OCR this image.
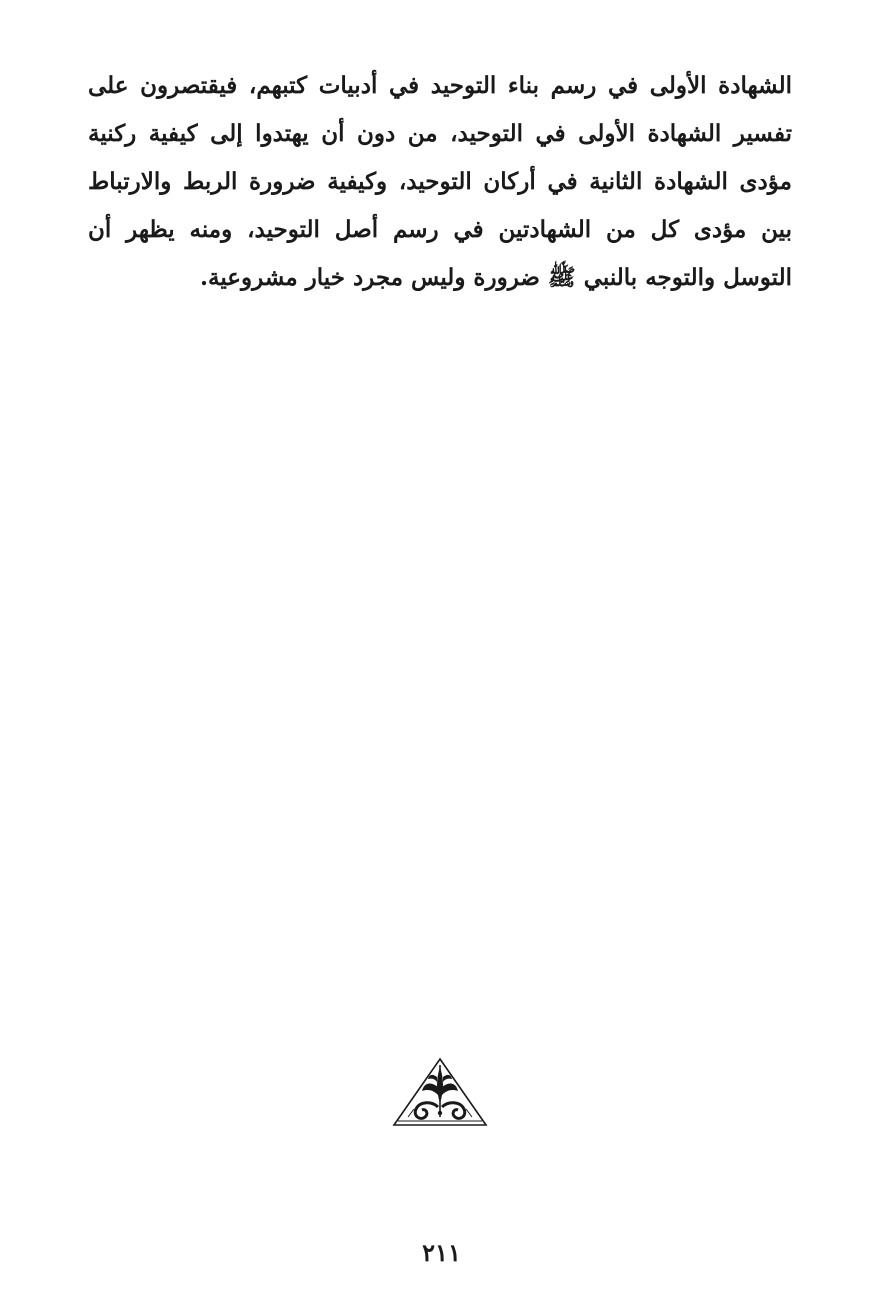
الشهادة الأولى في رسم بناء التوحيد في أدبيات كتبهم، فيقتصرون على
تفسير الشهادة الأولى في التوحيد، من دون أن يهتدوا إلى كيفية ركنية
مؤدى الشهادة الثانية في أركان التوحيد، وكيفية ضرورة الربط والارتباط
بين مؤدى كل من الشهادتين في رسم أصل التوحيد، ومنه يظهر أن
التوسل والتوجه بالنبي ﷺ ضرورة وليس مجرد خيار مشروعية.
٢١١
